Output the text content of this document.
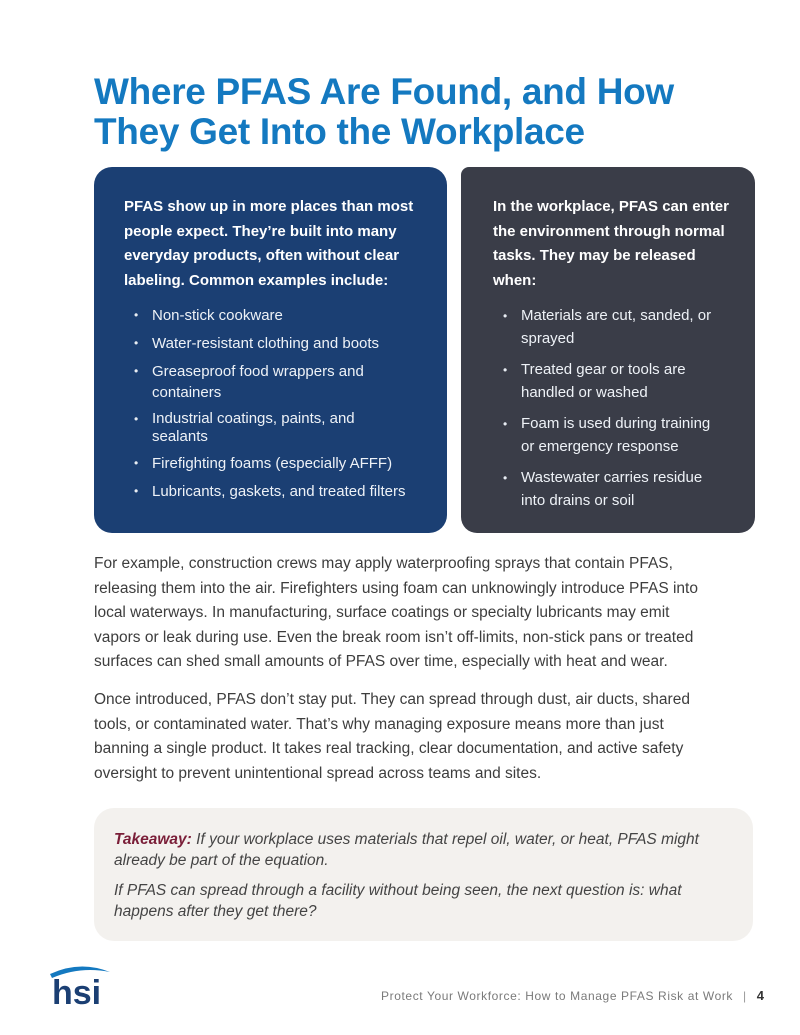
Where PFAS Are Found, and How
They Get Into the Workplace

PFAS show up in more places than most people expect. They’re built into many everyday products, often without clear labeling. Common examples include:

• Non-stick cookware
• Water-resistant clothing and boots
• Greaseproof food wrappers and containers
• Industrial coatings, paints, and sealants
• Firefighting foams (especially AFFF)
• Lubricants, gaskets, and treated filters

In the workplace, PFAS can enter the environment through normal tasks. They may be released when:

• Materials are cut, sanded, or sprayed
• Treated gear or tools are handled or washed
• Foam is used during training or emergency response
• Wastewater carries residue into drains or soil

For example, construction crews may apply waterproofing sprays that contain PFAS, releasing them into the air. Firefighters using foam can unknowingly introduce PFAS into local waterways. In manufacturing, surface coatings or specialty lubricants may emit vapors or leak during use. Even the break room isn’t off-limits, non-stick pans or treated surfaces can shed small amounts of PFAS over time, especially with heat and wear.

Once introduced, PFAS don’t stay put. They can spread through dust, air ducts, shared tools, or contaminated water. That’s why managing exposure means more than just banning a single product. It takes real tracking, clear documentation, and active safety oversight to prevent unintentional spread across teams and sites.

Takeaway: If your workplace uses materials that repel oil, water, or heat, PFAS might already be part of the equation.

If PFAS can spread through a facility without being seen, the next question is: what happens after they get there?

hsi	Protect Your Workforce: How to Manage PFAS Risk at Work | 4
